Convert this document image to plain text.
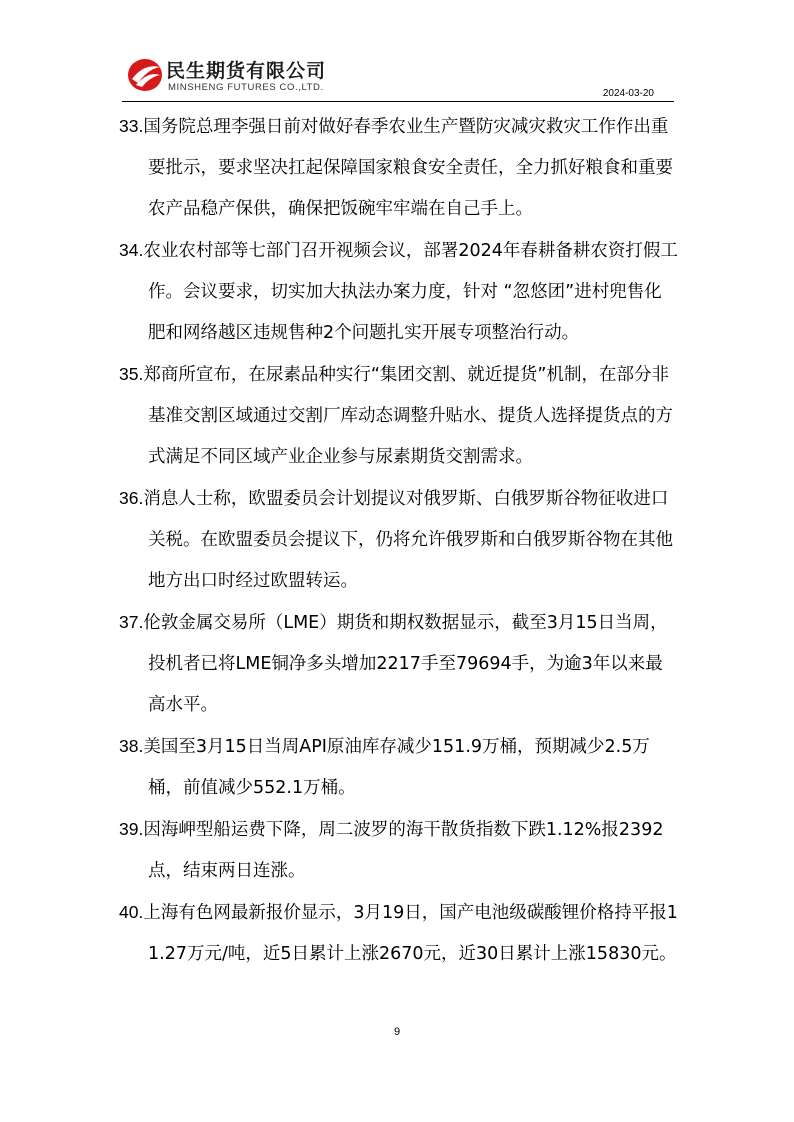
民生期货有限公司
MINSHENG FUTURES CO.,LTD.
2024-03-20

33.国务院总理李强日前对做好春季农业生产暨防灾减灾救灾工作作出重要批示，要求坚决扛起保障国家粮食安全责任，全力抓好粮食和重要农产品稳产保供，确保把饭碗牢牢端在自己手上。

34.农业农村部等七部门召开视频会议，部署2024年春耕备耕农资打假工作。会议要求，切实加大执法办案力度，针对 “忽悠团”进村兜售化肥和网络越区违规售种2个问题扎实开展专项整治行动。

35.郑商所宣布，在尿素品种实行“集团交割、就近提货”机制，在部分非基准交割区域通过交割厂库动态调整升贴水、提货人选择提货点的方式满足不同区域产业企业参与尿素期货交割需求。

36.消息人士称，欧盟委员会计划提议对俄罗斯、白俄罗斯谷物征收进口关税。在欧盟委员会提议下，仍将允许俄罗斯和白俄罗斯谷物在其他地方出口时经过欧盟转运。

37.伦敦金属交易所（LME）期货和期权数据显示，截至3月15日当周，投机者已将LME铜净多头增加2217手至79694手，为逾3年以来最高水平。

38.美国至3月15日当周API原油库存减少151.9万桶，预期减少2.5万桶，前值减少552.1万桶。

39.因海岬型船运费下降，周二波罗的海干散货指数下跌1.12%报2392点，结束两日连涨。

40.上海有色网最新报价显示，3月19日，国产电池级碳酸锂价格持平报11.27万元/吨，近5日累计上涨2670元，近30日累计上涨15830元。

9
